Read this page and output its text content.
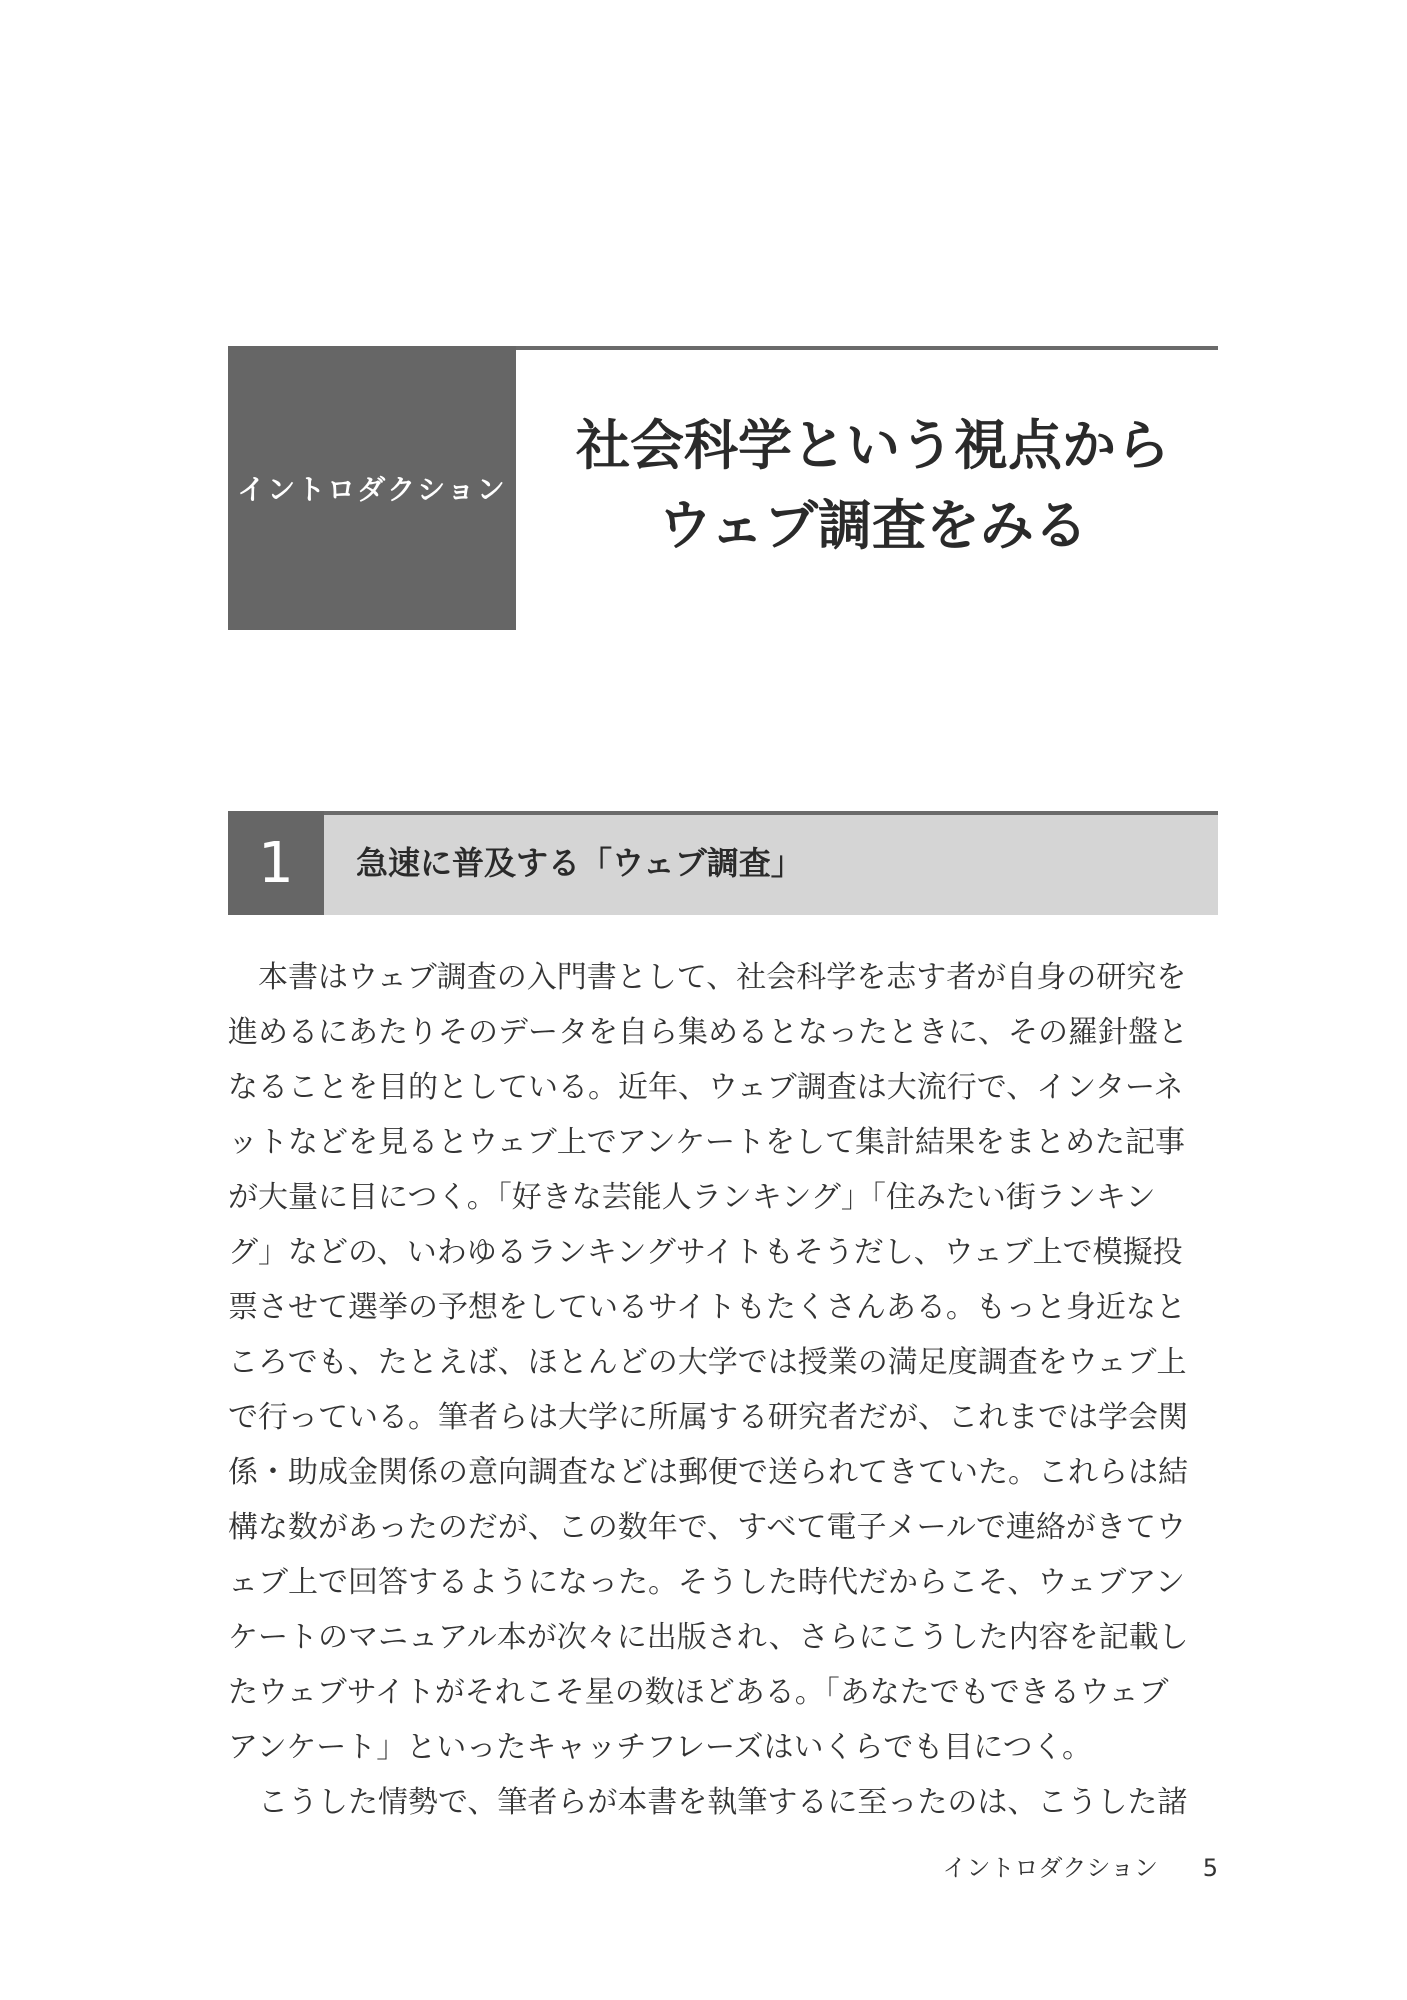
イントロダクション
社会科学という視点から
ウェブ調査をみる
1 急速に普及する「ウェブ調査」
　本書はウェブ調査の入門書として、社会科学を志す者が自身の研究を
進めるにあたりそのデータを自ら集めるとなったときに、その羅針盤と
なることを目的としている。近年、ウェブ調査は大流行で、インターネ
ットなどを見るとウェブ上でアンケートをして集計結果をまとめた記事
が大量に目につく。「好きな芸能人ランキング」「住みたい街ランキン
グ」などの、いわゆるランキングサイトもそうだし、ウェブ上で模擬投
票させて選挙の予想をしているサイトもたくさんある。もっと身近なと
ころでも、たとえば、ほとんどの大学では授業の満足度調査をウェブ上
で行っている。筆者らは大学に所属する研究者だが、これまでは学会関
係・助成金関係の意向調査などは郵便で送られてきていた。これらは結
構な数があったのだが、この数年で、すべて電子メールで連絡がきてウ
ェブ上で回答するようになった。そうした時代だからこそ、ウェブアン
ケートのマニュアル本が次々に出版され、さらにこうした内容を記載し
たウェブサイトがそれこそ星の数ほどある。「あなたでもできるウェブ
アンケート」といったキャッチフレーズはいくらでも目につく。
　こうした情勢で、筆者らが本書を執筆するに至ったのは、こうした諸
イントロダクション 5
